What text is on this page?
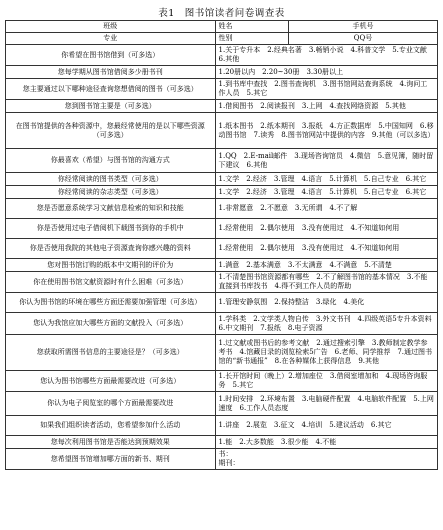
表1　图书馆读者问卷调查表
班级	姓名	手机号
专业	性别	QQ号
你希望在图书馆借到（可多选）	1.关于专升本　2.经典名著　3.畅销小说　4.科普文学　5.专业文献　6.其他	
您每学期从图书馆借阅多少册书刊	1.20册以内　2.20~30册　3.30册以上	
您主要通过以下哪种途径查询您想借阅的图书（可多选）	1.到书库中查找　2.图书查询机　3.图书馆网站查询系统　4.询问工作人员　5.其它	
您到图书馆主要是（可多选）	1.借阅图书　2.阅读报刊　3.上网　4.查找网络资源　5.其他	
在图书馆提供的各种资源中，您最经常使用的是以下哪些资源（可多选）	1.纸本图书　2.纸本期刊　3.报纸　4.方正数据库　5.中国知网　6.移动图书馆　7.读秀　8.图书馆网站中提供的内容　9.其他（可以多选）	
你最喜欢（希望）与图书馆的沟通方式	1.QQ　2.E-mail邮件　3.现场咨询馆员　4.微信　5.意见簿，随时留下建议　6.其他	
你经常阅读的图书类型（可多选）	1.文学　2.经济　3.管理　4.语言　5.计算机　5.自己专业　6.其它	
你经常阅读的杂志类型（可多选）	1.文学　2.经济　3.管理　4.语言　5.计算机　5.自己专业　6.其它	
您是否愿意系统学习文献信息检索的知识和技能	1.非常愿意　2.不愿意　3.无所谓　4.不了解	
你是否使用过电子借阅机下载图书到你的手机中	1.经常使用　2.偶尔使用　3.没有使用过　4.不知道如何用	
你是否使用我院的其他电子资源查询你感兴趣的资料	1.经常使用　2.偶尔使用　3.没有使用过　4.不知道如何用	
您对图书馆订购的纸本中文期刊的评价为	1.满意　2.基本满意　3.不太满意　4.不满意　5.不清楚	
你在使用图书馆文献资源时有什么困难（可多选）	1.不清楚图书馆资源都有哪些　2.不了解图书馆的基本情况　3.不能直接到书库找书　4.得不到工作人员的帮助	
你认为图书馆的环境在哪些方面还需要加强管理（可多选）	1.管理安静氛围　2.保持整洁　3.绿化　4.美化	
您认为我馆应加大哪些方面的文献投入（可多选）	1.学科类　2.文学类人物自传　3.外文书刊　4.四级英语5专升本资料　6.中文期刊　7.报纸　8.电子资源	
您获取所需图书信息的主要途径是？（可多选）	1.过文献或图书后的参考文献　2.通过搜索引擎　3.教师制定教学参考书　4.馆藏目录的浏览检索5广告　6.老师、同学推荐　7.通过图书馆的“新书通报”　8.在各种媒体上获得信息　9.其他	
您认为图书馆哪些方面最需要改进（可多选）	1.长开馆时间（晚上）2.增加座位　3.借阅室增加和　4.现场咨询服务　5.其它	
你认为电子阅览室的哪个方面最需要改进	1.时间安排　2.环境布置　3.电脑硬件配置　4.电脑软件配置　5.上网速度　6.工作人员态度	
如果我们组织读者活动，您希望参加什么活动	1.讲座　2.展览　3.征文　4.培训　5.建议活动　6.其它	
您每次利用图书馆是否能达到预期效果	1.能　2.大多数能　3.很少能　4.不能	
您希望图书馆增加哪方面的新书、期刊	书：
期刊：	
